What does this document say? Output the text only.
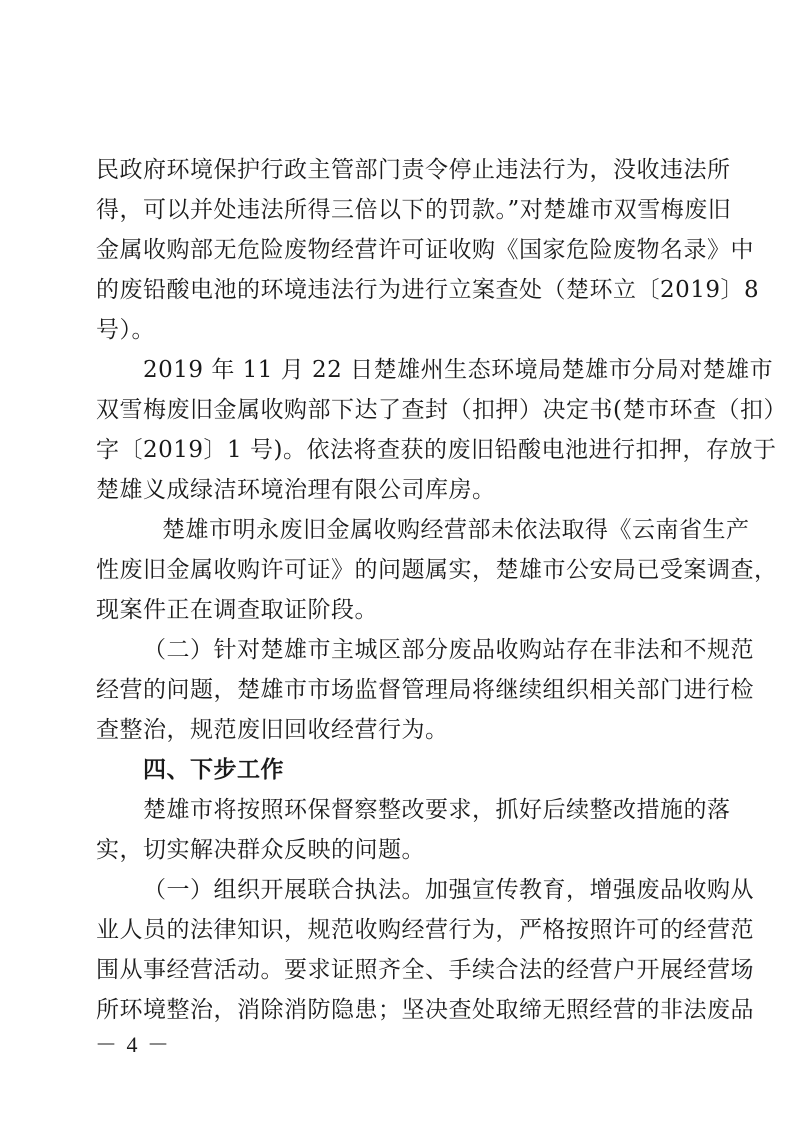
民政府环境保护行政主管部门责令停止违法行为，没收违法所
得，可以并处违法所得三倍以下的罚款。”对楚雄市双雪梅废旧
金属收购部无危险废物经营许可证收购《国家危险废物名录》中
的废铅酸电池的环境违法行为进行立案查处（楚环立〔2019〕8
号）。
2019 年 11 月 22 日楚雄州生态环境局楚雄市分局对楚雄市
双雪梅废旧金属收购部下达了查封（扣押）决定书(楚市环查（扣）
字〔2019〕1 号)。依法将查获的废旧铅酸电池进行扣押，存放于
楚雄义成绿洁环境治理有限公司库房。
楚雄市明永废旧金属收购经营部未依法取得《云南省生产
性废旧金属收购许可证》的问题属实，楚雄市公安局已受案调查，
现案件正在调查取证阶段。
（二）针对楚雄市主城区部分废品收购站存在非法和不规范
经营的问题，楚雄市市场监督管理局将继续组织相关部门进行检
查整治，规范废旧回收经营行为。
四、下步工作
楚雄市将按照环保督察整改要求，抓好后续整改措施的落
实，切实解决群众反映的问题。
（一）组织开展联合执法。加强宣传教育，增强废品收购从
业人员的法律知识，规范收购经营行为，严格按照许可的经营范
围从事经营活动。要求证照齐全、手续合法的经营户开展经营场
所环境整治，消除消防隐患；坚决查处取缔无照经营的非法废品
－ 4 －
